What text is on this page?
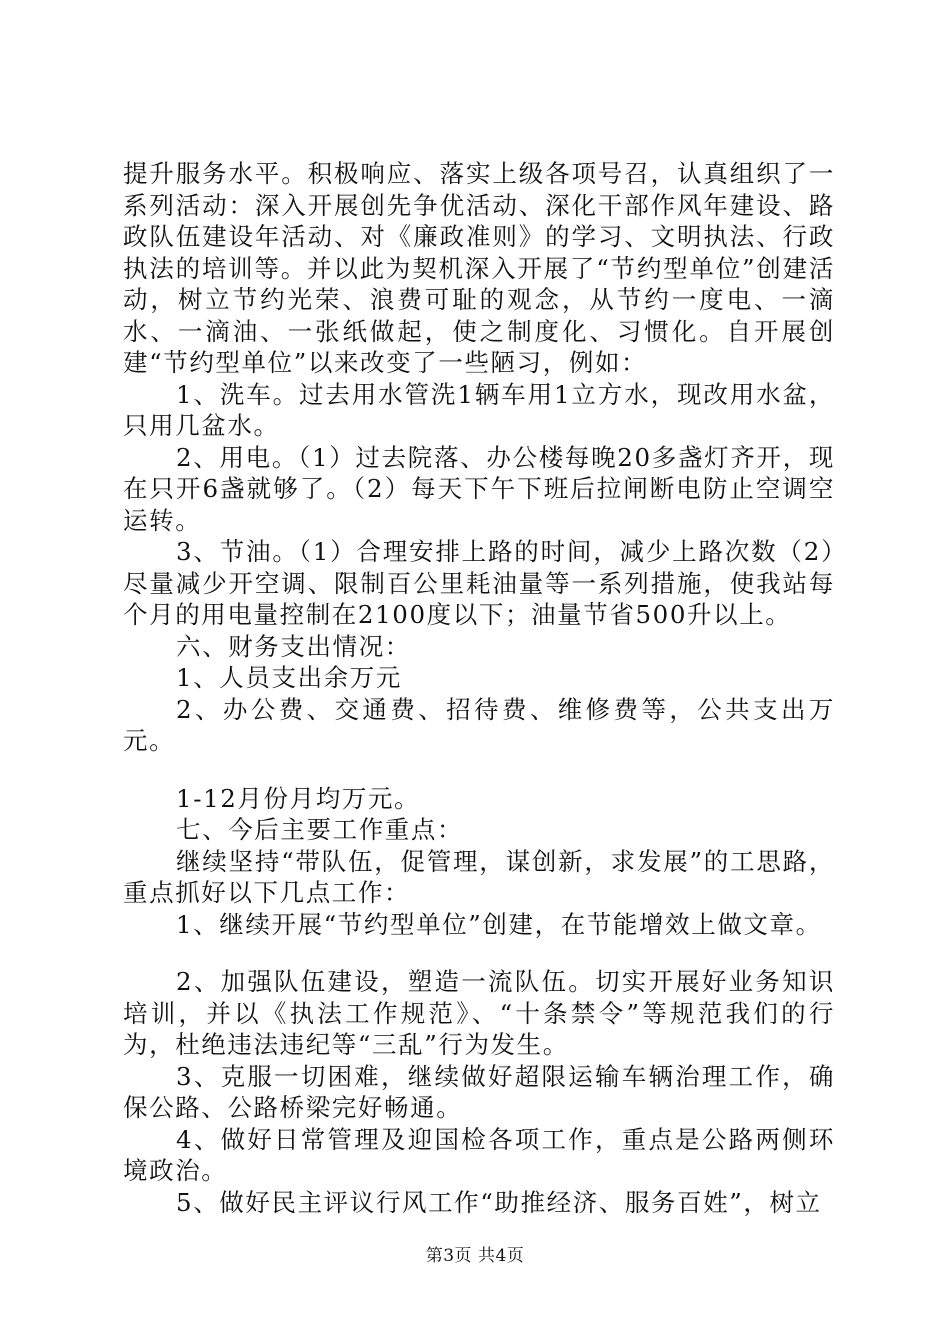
提升服务水平。积极响应、落实上级各项号召，认真组织了一系列活动：深入开展创先争优活动、深化干部作风年建设、路政队伍建设年活动、对《廉政准则》的学习、文明执法、行政执法的培训等。并以此为契机深入开展了“节约型单位”创建活动，树立节约光荣、浪费可耻的观念，从节约一度电、一滴水、一滴油、一张纸做起，使之制度化、习惯化。自开展创建“节约型单位”以来改变了一些陋习，例如：

1、洗车。过去用水管洗1辆车用1立方水，现改用水盆，只用几盆水。

2、用电。（1）过去院落、办公楼每晚20多盏灯齐开，现在只开6盏就够了。（2）每天下午下班后拉闸断电防止空调空运转。

3、节油。（1）合理安排上路的时间，减少上路次数（2）尽量减少开空调、限制百公里耗油量等一系列措施，使我站每个月的用电量控制在2100度以下；油量节省500升以上。

六、财务支出情况：

1、人员支出余万元

2、办公费、交通费、招待费、维修费等，公共支出万元。

1-12月份月均万元。

七、今后主要工作重点：

继续坚持“带队伍，促管理，谋创新，求发展”的工思路，重点抓好以下几点工作：

1、继续开展“节约型单位”创建，在节能增效上做文章。

2、加强队伍建设，塑造一流队伍。切实开展好业务知识培训，并以《执法工作规范》、“十条禁令”等规范我们的行为，杜绝违法违纪等“三乱”行为发生。

3、克服一切困难，继续做好超限运输车辆治理工作，确保公路、公路桥梁完好畅通。

4、做好日常管理及迎国检各项工作，重点是公路两侧环境政治。

5、做好民主评议行风工作“助推经济、服务百姓”，树立

第3页 共4页
